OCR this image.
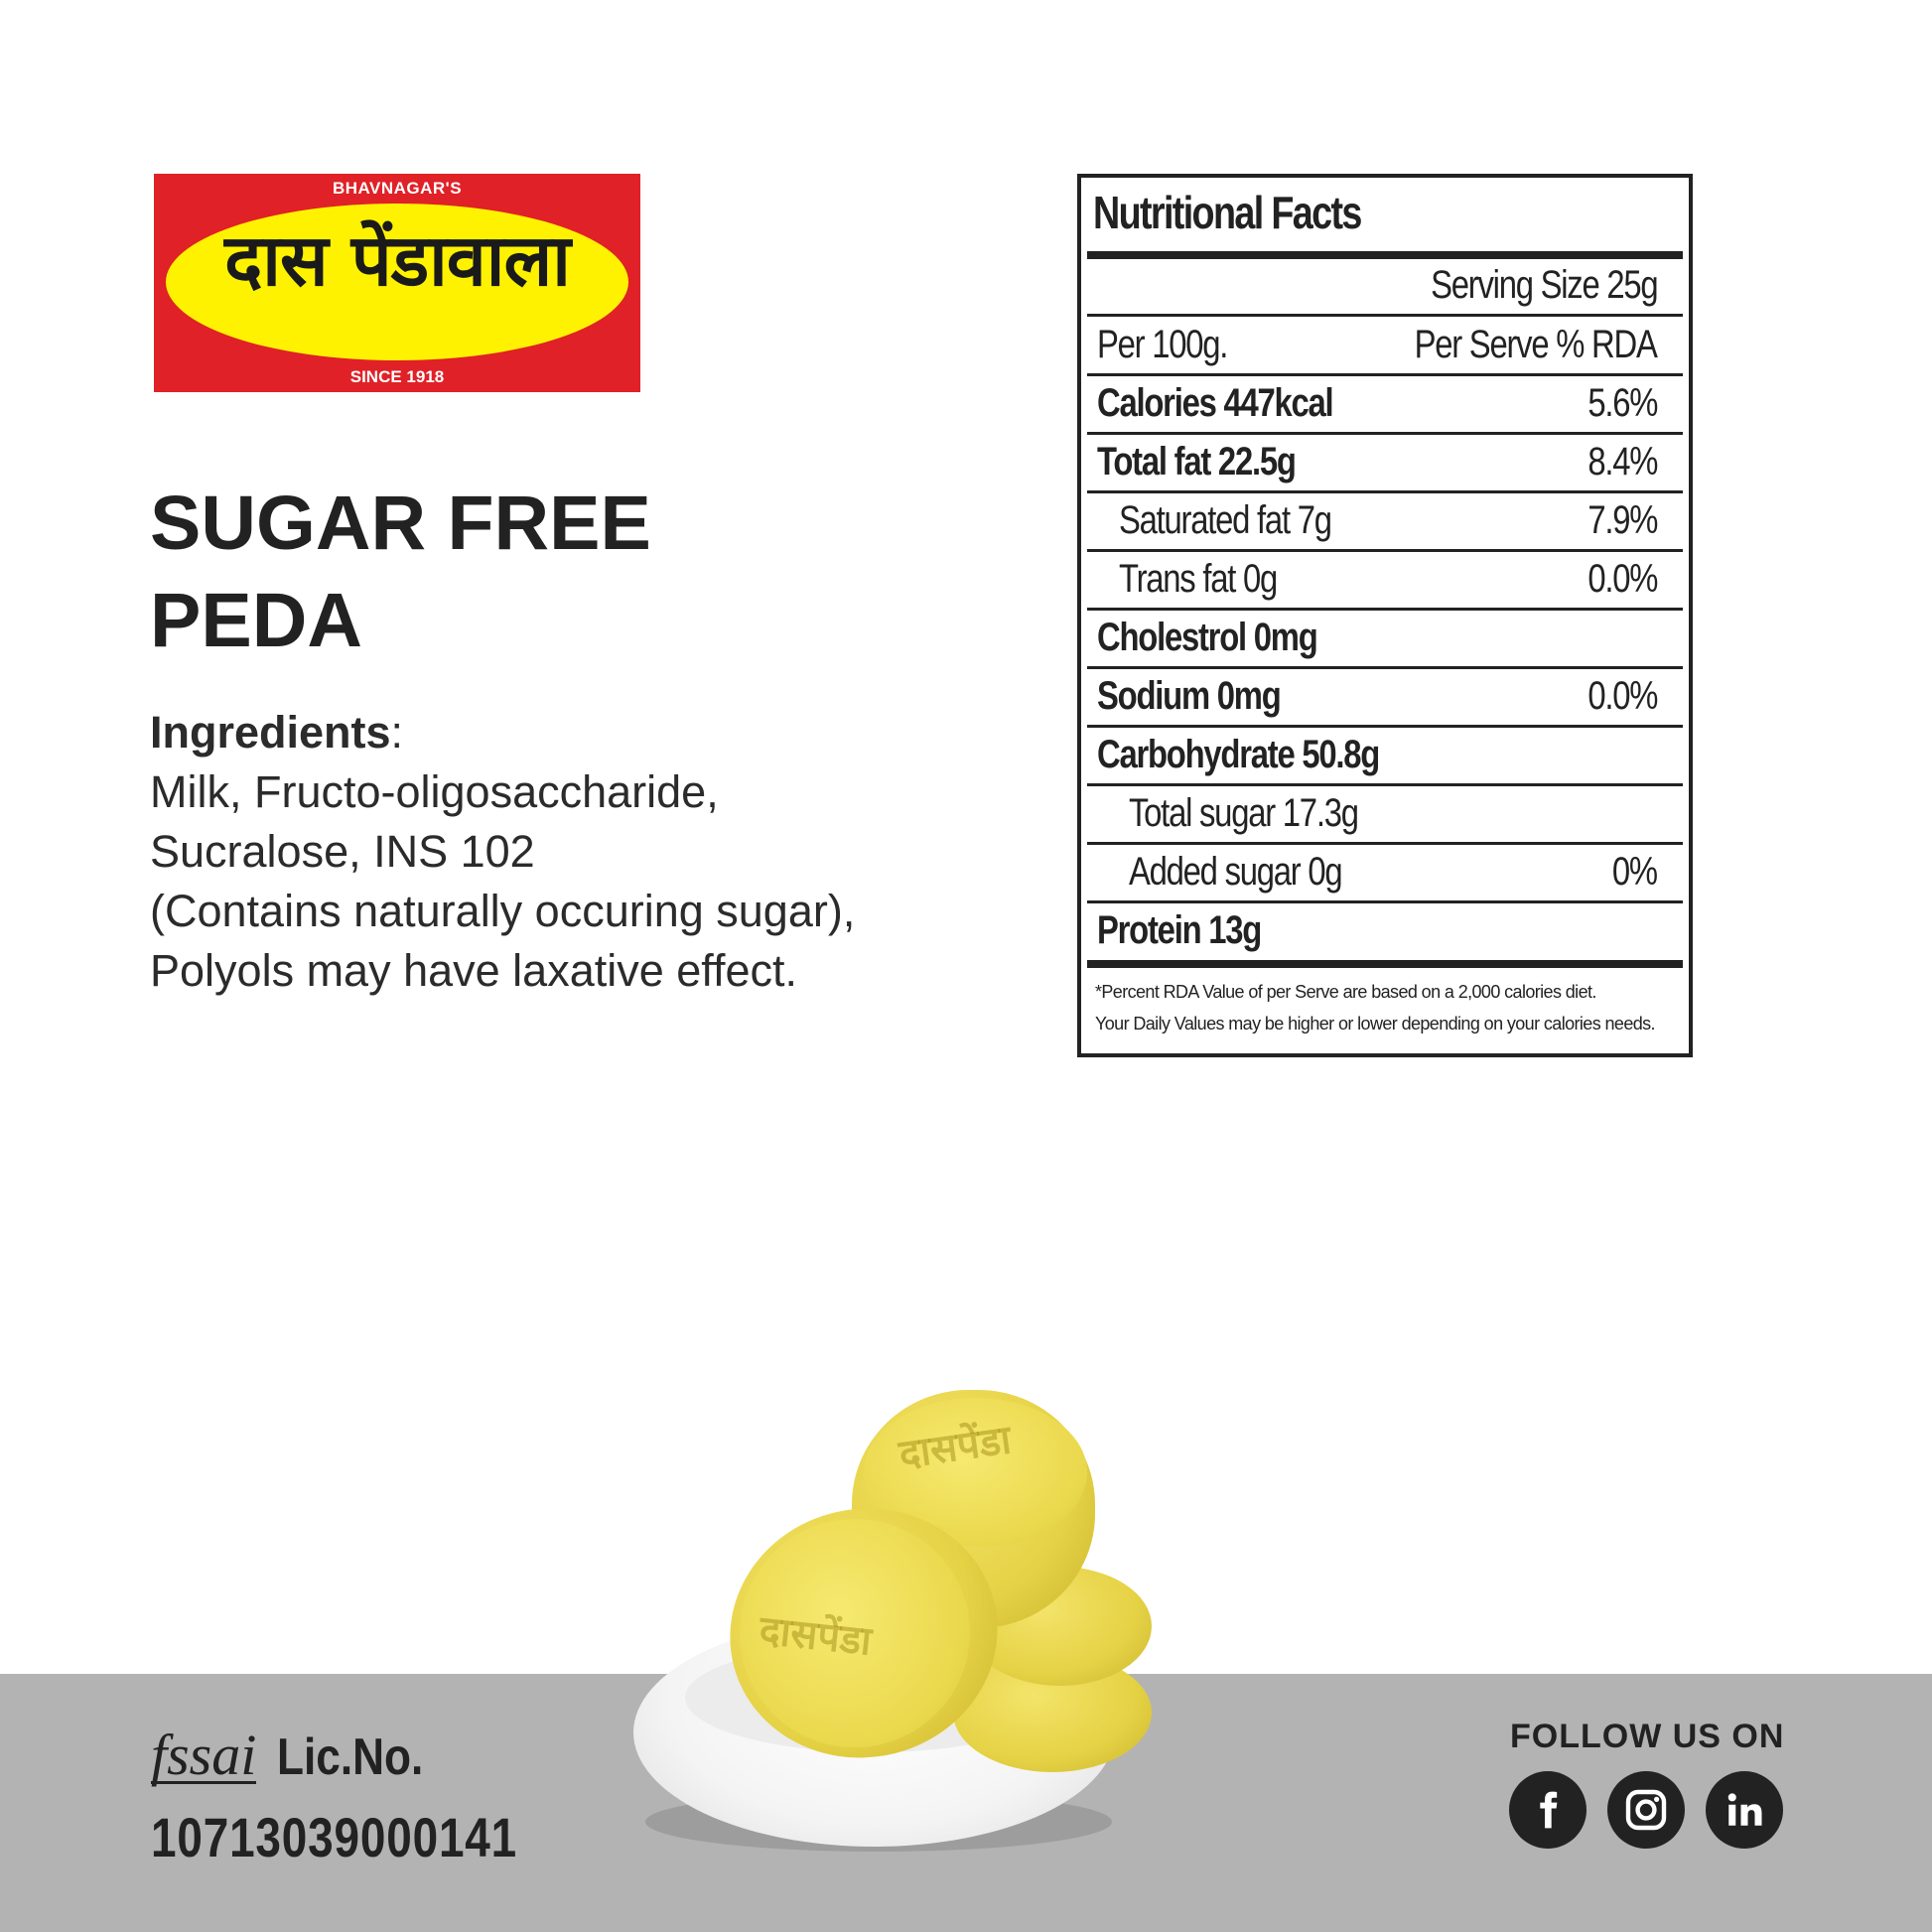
BHAVNAGAR'S
दास पेंडावाला
SINCE 1918
SUGAR FREE
PEDA
Ingredients:
Milk, Fructo-oligosaccharide,
Sucralose, INS 102
(Contains naturally occuring sugar),
Polyols may have laxative effect.
Nutritional Facts
Serving Size 25g
Per 100g.	Per Serve % RDA
Calories 447kcal	5.6%
Total fat 22.5g	8.4%
Saturated fat 7g	7.9%
Trans fat 0g	0.0%
Cholestrol 0mg
Sodium 0mg	0.0%
Carbohydrate 50.8g
Total sugar 17.3g
Added sugar 0g	0%
Protein 13g
*Percent RDA Value of per Serve are based on a 2,000 calories diet.
Your Daily Values may be higher or lower depending on your calories needs.
दासपेंडा
दासपेंडा
fssai Lic.No.
10713039000141
FOLLOW US ON
